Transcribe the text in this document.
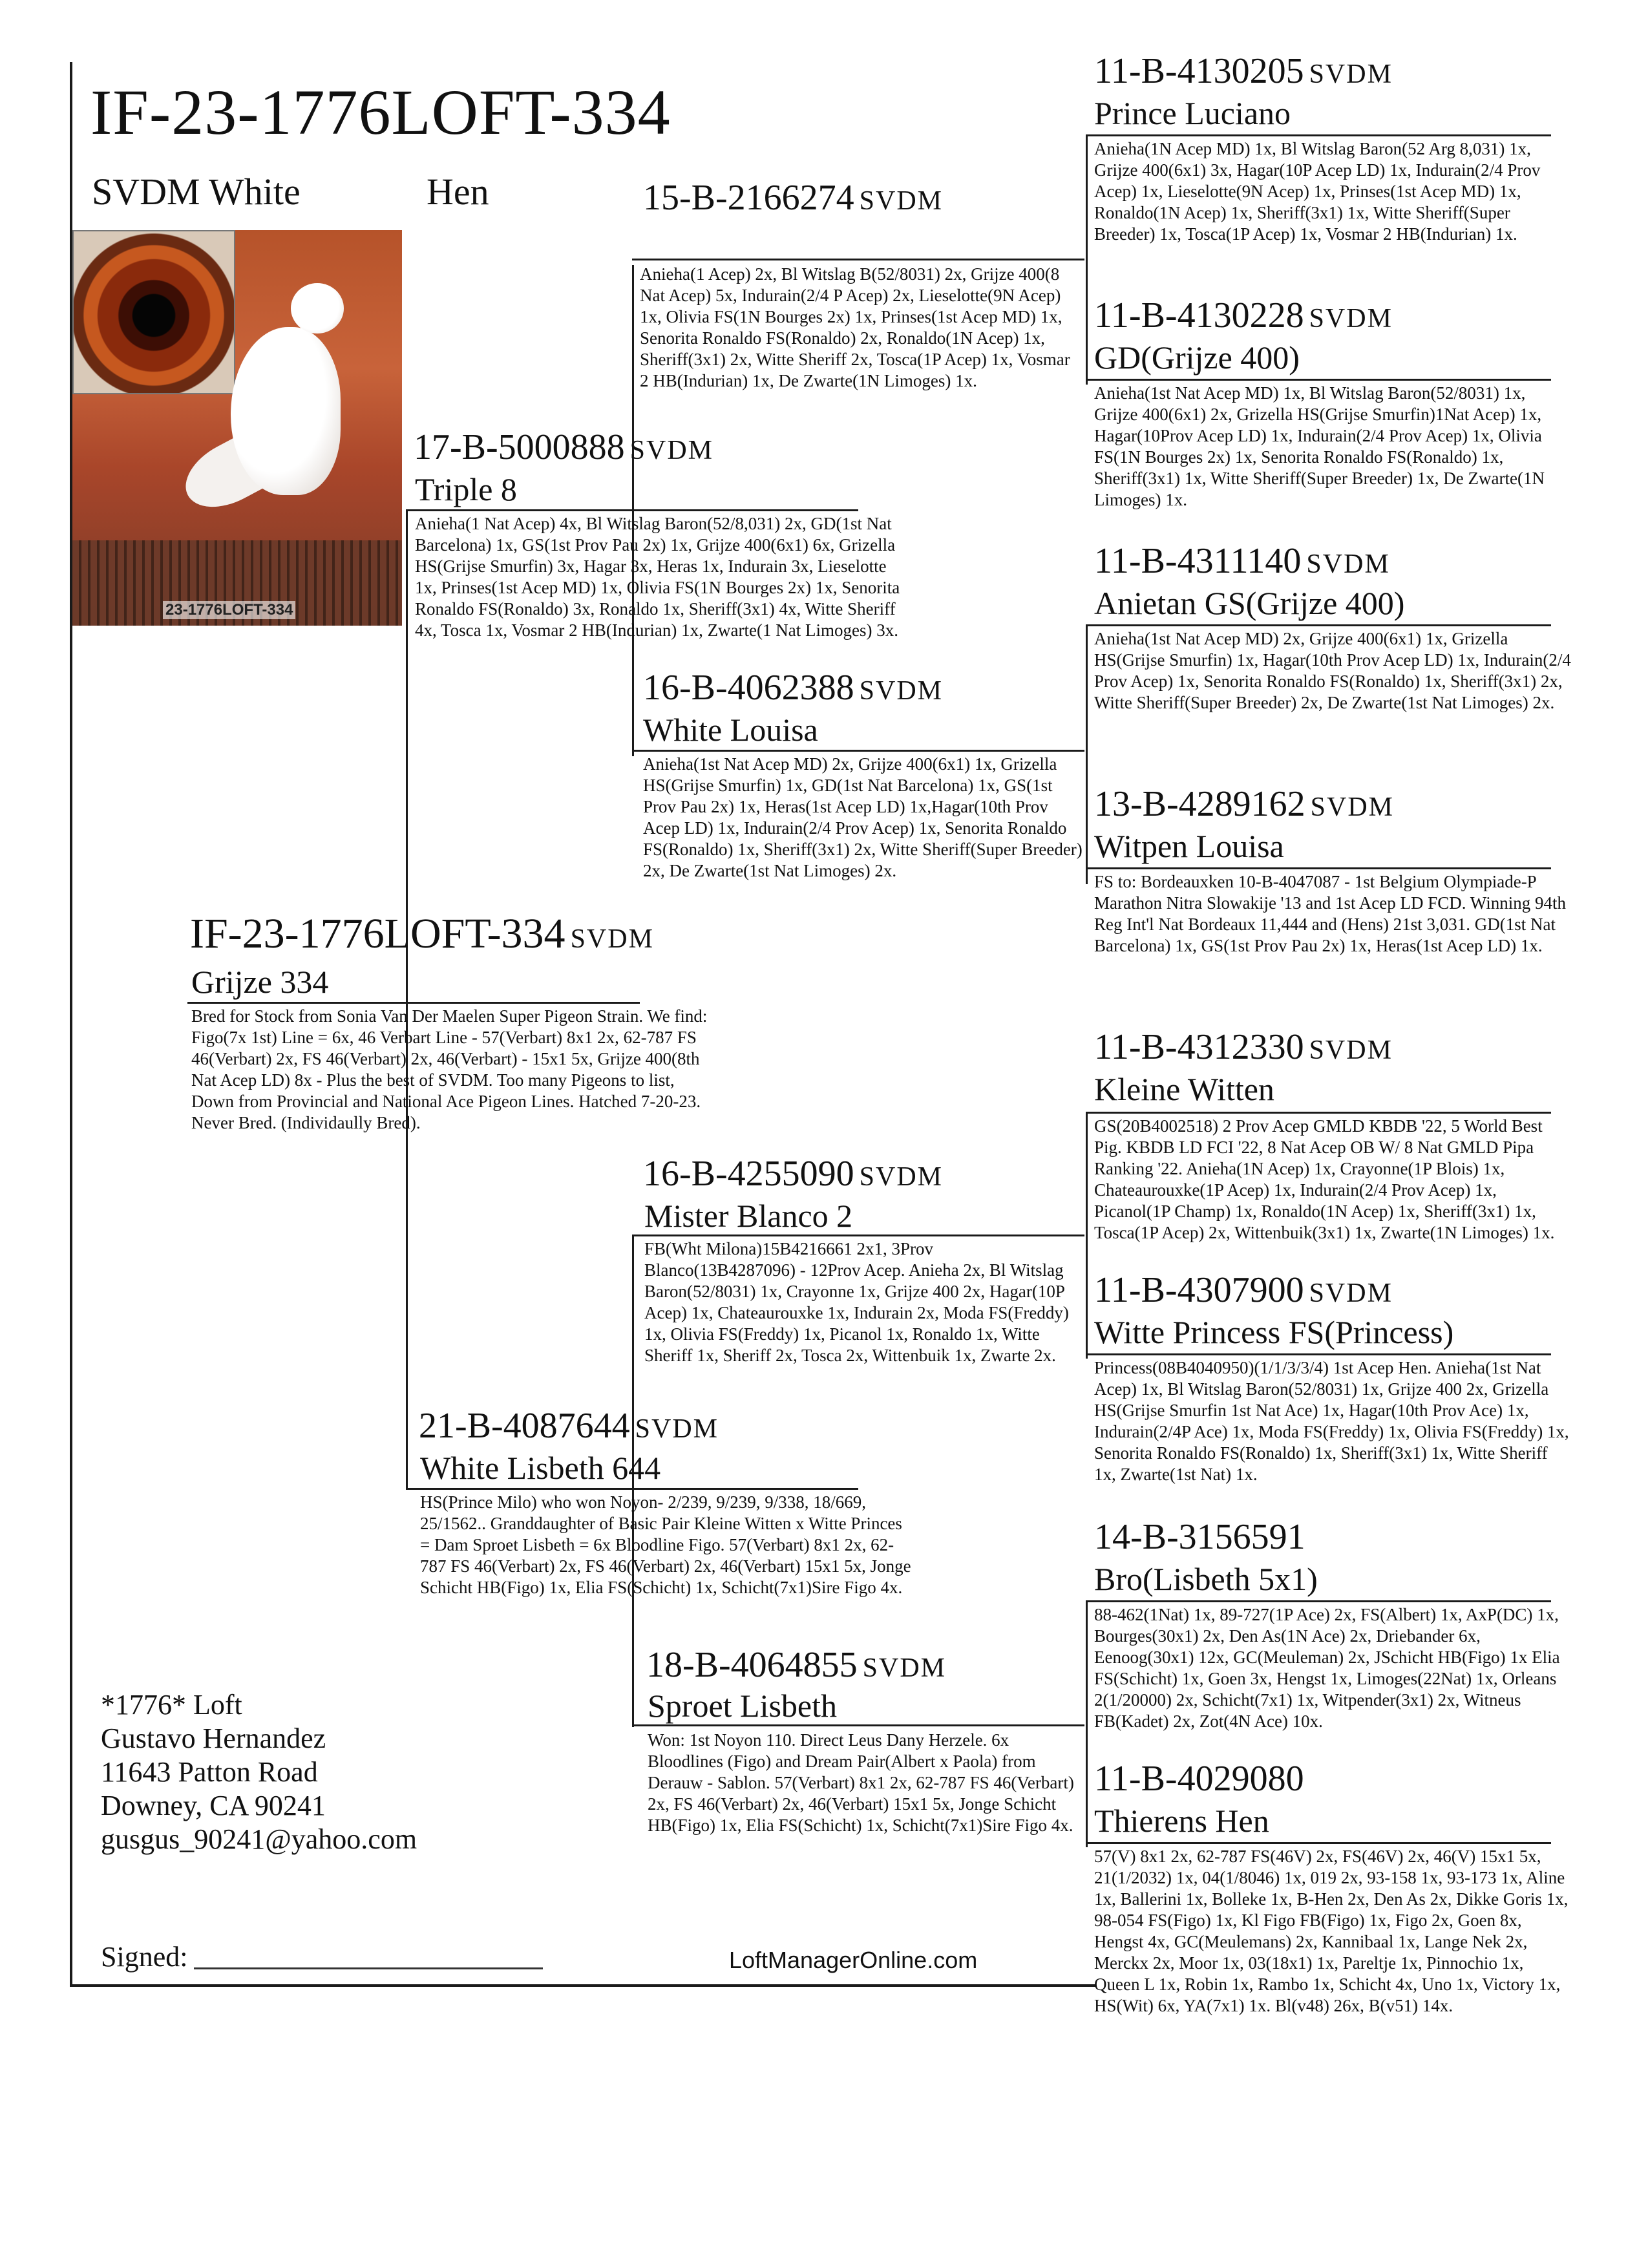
IF-23-1776LOFT-334
SVDM White	Hen
23-1776LOFT-334
IF-23-1776LOFT-334 SVDM
Grijze 334
Bred for Stock from Sonia Van Der Maelen Super Pigeon Strain. We find: Figo(7x 1st) Line = 6x, 46 Verbart Line - 57(Verbart) 8x1 2x, 62-787 FS 46(Verbart) 2x, FS 46(Verbart) 2x, 46(Verbart) - 15x1 5x, Grijze 400(8th Nat Acep LD) 8x - Plus the best of SVDM. Too many Pigeons to list, Down from Provincial and National Ace Pigeon Lines. Hatched 7-20-23. Never Bred. (Individaully Bred).
17-B-5000888 SVDM
Triple 8
Anieha(1 Nat Acep) 4x, Bl Witslag Baron(52/8,031) 2x, GD(1st Nat Barcelona) 1x, GS(1st Prov Pau 2x) 1x, Grijze 400(6x1) 6x, Grizella HS(Grijse Smurfin) 3x, Hagar 3x, Heras 1x, Indurain 3x, Lieselotte 1x, Prinses(1st Acep MD) 1x, Olivia FS(1N Bourges 2x) 1x, Senorita Ronaldo FS(Ronaldo) 3x, Ronaldo 1x, Sheriff(3x1) 4x, Witte Sheriff 4x, Tosca 1x, Vosmar 2 HB(Indurian) 1x, Zwarte(1 Nat Limoges) 3x.
15-B-2166274 SVDM
Anieha(1 Acep) 2x, Bl Witslag B(52/8031) 2x, Grijze 400(8 Nat Acep) 5x, Indurain(2/4 P Acep) 2x, Lieselotte(9N Acep) 1x, Olivia FS(1N Bourges 2x) 1x, Prinses(1st Acep MD) 1x, Senorita Ronaldo FS(Ronaldo) 2x, Ronaldo(1N Acep) 1x, Sheriff(3x1) 2x, Witte Sheriff 2x, Tosca(1P Acep) 1x, Vosmar 2 HB(Indurian) 1x, De Zwarte(1N Limoges) 1x.
11-B-4130205 SVDM
Prince Luciano
Anieha(1N Acep MD) 1x, Bl Witslag Baron(52 Arg 8,031) 1x, Grijze 400(6x1) 3x, Hagar(10P Acep LD) 1x, Indurain(2/4 Prov Acep) 1x, Lieselotte(9N Acep) 1x, Prinses(1st Acep MD) 1x, Ronaldo(1N Acep) 1x, Sheriff(3x1) 1x, Witte Sheriff(Super Breeder) 1x, Tosca(1P Acep) 1x, Vosmar 2 HB(Indurian) 1x.
11-B-4130228 SVDM
GD(Grijze 400)
Anieha(1st Nat Acep MD) 1x, Bl Witslag Baron(52/8031) 1x, Grijze 400(6x1) 2x, Grizella HS(Grijse Smurfin)1Nat Acep) 1x, Hagar(10Prov Acep LD) 1x, Indurain(2/4 Prov Acep) 1x, Olivia FS(1N Bourges 2x) 1x, Senorita Ronaldo FS(Ronaldo) 1x, Sheriff(3x1) 1x, Witte Sheriff(Super Breeder) 1x, De Zwarte(1N Limoges) 1x.
16-B-4062388 SVDM
White Louisa
Anieha(1st Nat Acep MD) 2x, Grijze 400(6x1) 1x, Grizella HS(Grijse Smurfin) 1x, GD(1st Nat Barcelona) 1x, GS(1st Prov Pau 2x) 1x, Heras(1st Acep LD) 1x,Hagar(10th Prov Acep LD) 1x, Indurain(2/4 Prov Acep) 1x, Senorita Ronaldo FS(Ronaldo) 1x, Sheriff(3x1) 2x, Witte Sheriff(Super Breeder) 2x, De Zwarte(1st Nat Limoges) 2x.
11-B-4311140 SVDM
Anietan GS(Grijze 400)
Anieha(1st Nat Acep MD) 2x, Grijze 400(6x1) 1x, Grizella HS(Grijse Smurfin) 1x, Hagar(10th Prov Acep LD) 1x, Indurain(2/4 Prov Acep) 1x, Senorita Ronaldo FS(Ronaldo) 1x, Sheriff(3x1) 2x, Witte Sheriff(Super Breeder) 2x, De Zwarte(1st Nat Limoges) 2x.
13-B-4289162 SVDM
Witpen Louisa
FS to: Bordeauxken 10-B-4047087 - 1st Belgium Olympiade-P Marathon Nitra Slowakije '13 and 1st Acep LD FCD. Winning 94th Reg Int'l Nat Bordeaux 11,444 and (Hens) 21st 3,031. GD(1st Nat Barcelona) 1x, GS(1st Prov Pau 2x) 1x, Heras(1st Acep LD) 1x.
21-B-4087644 SVDM
White Lisbeth 644
HS(Prince Milo) who won Noyon- 2/239, 9/239, 9/338, 18/669, 25/1562.. Granddaughter of Basic Pair Kleine Witten x Witte Princes = Dam Sproet Lisbeth = 6x Bloodline Figo. 57(Verbart) 8x1 2x, 62-787 FS 46(Verbart) 2x, FS 46(Verbart) 2x, 46(Verbart) 15x1 5x, Jonge Schicht HB(Figo) 1x, Elia FS(Schicht) 1x, Schicht(7x1)Sire Figo 4x.
16-B-4255090 SVDM
Mister Blanco 2
FB(Wht Milona)15B4216661 2x1, 3Prov Blanco(13B4287096) - 12Prov Acep. Anieha 2x, Bl Witslag Baron(52/8031) 1x, Crayonne 1x, Grijze 400 2x, Hagar(10P Acep) 1x, Chateaurouxke 1x, Indurain 2x, Moda FS(Freddy) 1x, Olivia FS(Freddy) 1x, Picanol 1x, Ronaldo 1x, Witte Sheriff 1x, Sheriff 2x, Tosca 2x, Wittenbuik 1x, Zwarte 2x.
11-B-4312330 SVDM
Kleine Witten
GS(20B4002518) 2 Prov Acep GMLD KBDB '22, 5 World Best Pig. KBDB LD FCI '22, 8 Nat Acep OB W/ 8 Nat GMLD Pipa Ranking '22. Anieha(1N Acep) 1x, Crayonne(1P Blois) 1x, Chateaurouxke(1P Acep) 1x, Indurain(2/4 Prov Acep) 1x, Picanol(1P Champ) 1x, Ronaldo(1N Acep) 1x, Sheriff(3x1) 1x, Tosca(1P Acep) 2x, Wittenbuik(3x1) 1x, Zwarte(1N Limoges) 1x.
11-B-4307900 SVDM
Witte Princess FS(Princess)
Princess(08B4040950)(1/1/3/3/4) 1st Acep Hen. Anieha(1st Nat Acep) 1x, Bl Witslag Baron(52/8031) 1x, Grijze 400 2x, Grizella HS(Grijse Smurfin 1st Nat Ace) 1x, Hagar(10th Prov Ace) 1x, Indurain(2/4P Ace) 1x, Moda FS(Freddy) 1x, Olivia FS(Freddy) 1x, Senorita Ronaldo FS(Ronaldo) 1x, Sheriff(3x1) 1x, Witte Sheriff 1x, Zwarte(1st Nat) 1x.
18-B-4064855 SVDM
Sproet Lisbeth
Won: 1st Noyon 110. Direct Leus Dany Herzele. 6x Bloodlines (Figo) and Dream Pair(Albert x Paola) from Derauw - Sablon. 57(Verbart) 8x1 2x, 62-787 FS 46(Verbart) 2x, FS 46(Verbart) 2x, 46(Verbart) 15x1 5x, Jonge Schicht HB(Figo) 1x, Elia FS(Schicht) 1x, Schicht(7x1)Sire Figo 4x.
14-B-3156591
Bro(Lisbeth 5x1)
88-462(1Nat) 1x, 89-727(1P Ace) 2x, FS(Albert) 1x, AxP(DC) 1x, Bourges(30x1) 2x, Den As(1N Ace) 2x, Driebander 6x, Eenoog(30x1) 12x, GC(Meuleman) 2x, JSchicht HB(Figo) 1x Elia FS(Schicht) 1x, Goen 3x, Hengst 1x, Limoges(22Nat) 1x, Orleans 2(1/20000) 2x, Schicht(7x1) 1x, Witpender(3x1) 2x, Witneus FB(Kadet) 2x, Zot(4N Ace) 10x.
11-B-4029080
Thierens Hen
57(V) 8x1 2x, 62-787 FS(46V) 2x, FS(46V) 2x, 46(V) 15x1 5x, 21(1/2032) 1x, 04(1/8046) 1x, 019 2x, 93-158 1x, 93-173 1x, Aline 1x, Ballerini 1x, Bolleke 1x, B-Hen 2x, Den As 2x, Dikke Goris 1x, 98-054 FS(Figo) 1x, Kl Figo FB(Figo) 1x, Figo 2x, Goen 8x, Hengst 4x, GC(Meulemans) 2x, Kannibaal 1x, Lange Nek 2x, Merckx 2x, Moor 1x, 03(18x1) 1x, Pareltje 1x, Pinnochio 1x, Queen L 1x, Robin 1x, Rambo 1x, Schicht 4x, Uno 1x, Victory 1x, HS(Wit) 6x, YA(7x1) 1x. Bl(v48) 26x, B(v51) 14x.
*1776* Loft
Gustavo Hernandez
11643 Patton Road
Downey, CA 90241
gusgus_90241@yahoo.com
Signed:	LoftManagerOnline.com
